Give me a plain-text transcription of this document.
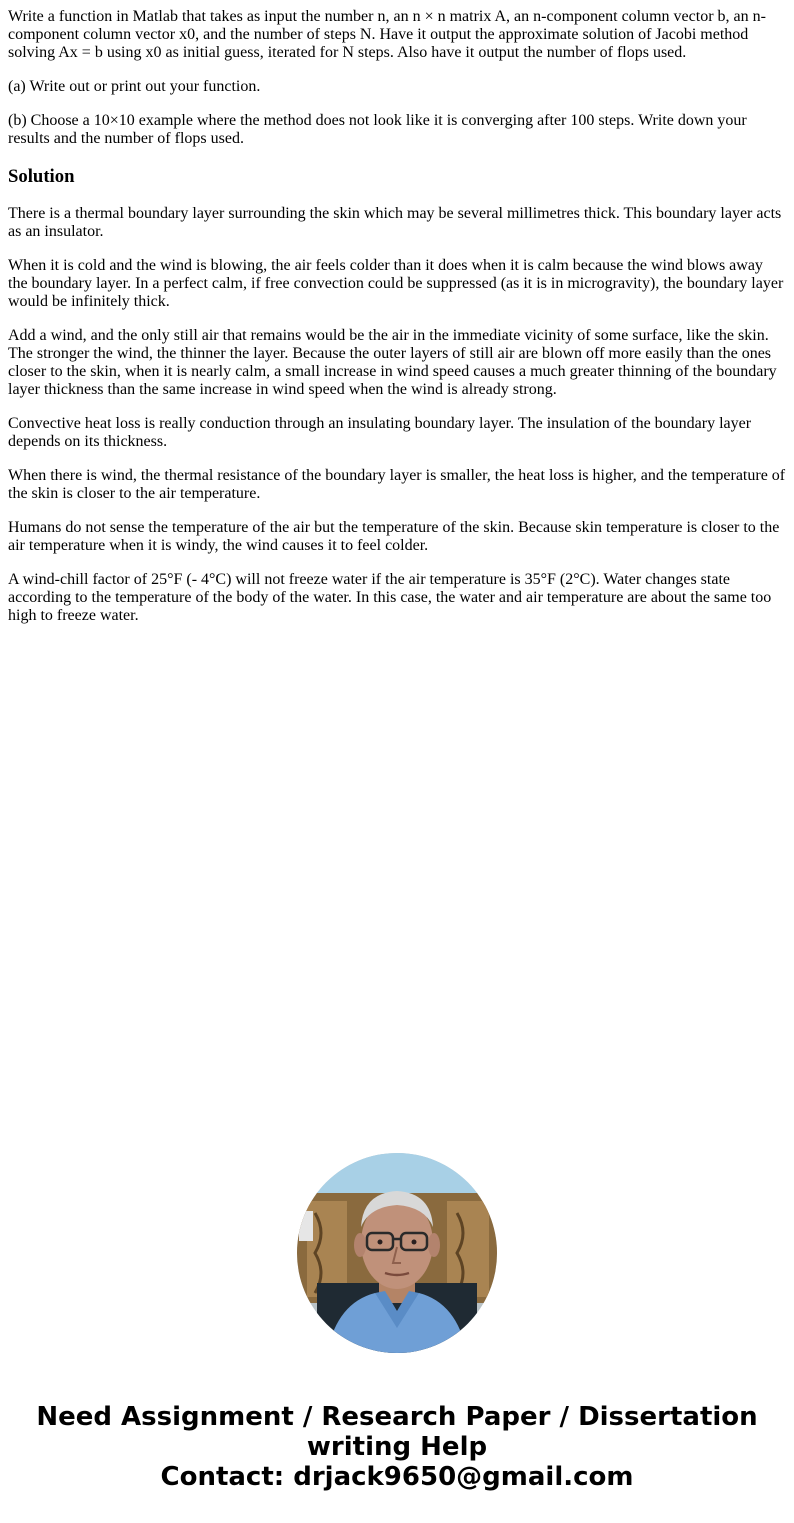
Write a function in Matlab that takes as input the number n, an n × n matrix A, an n-component column vector b, an n-component column vector x0, and the number of steps N. Have it output the approximate solution of Jacobi method solving Ax = b using x0 as initial guess, iterated for N steps. Also have it output the number of flops used.

(a) Write out or print out your function.

(b) Choose a 10×10 example where the method does not look like it is converging after 100 steps. Write down your results and the number of flops used.

Solution

There is a thermal boundary layer surrounding the skin which may be several millimetres thick. This boundary layer acts as an insulator.

When it is cold and the wind is blowing, the air feels colder than it does when it is calm because the wind blows away the boundary layer. In a perfect calm, if free convection could be suppressed (as it is in microgravity), the boundary layer would be infinitely thick.

Add a wind, and the only still air that remains would be the air in the immediate vicinity of some surface, like the skin. The stronger the wind, the thinner the layer. Because the outer layers of still air are blown off more easily than the ones closer to the skin, when it is nearly calm, a small increase in wind speed causes a much greater thinning of the boundary layer thickness than the same increase in wind speed when the wind is already strong.

Convective heat loss is really conduction through an insulating boundary layer. The insulation of the boundary layer depends on its thickness.

When there is wind, the thermal resistance of the boundary layer is smaller, the heat loss is higher, and the temperature of the skin is closer to the air temperature.

Humans do not sense the temperature of the air but the temperature of the skin. Because skin temperature is closer to the air temperature when it is windy, the wind causes it to feel colder.

A wind-chill factor of 25°F (- 4°C) will not freeze water if the air temperature is 35°F (2°C). Water changes state according to the temperature of the body of the water. In this case, the water and air temperature are about the same too high to freeze water.

Need Assignment / Research Paper / Dissertation
writing Help
Contact: drjack9650@gmail.com
